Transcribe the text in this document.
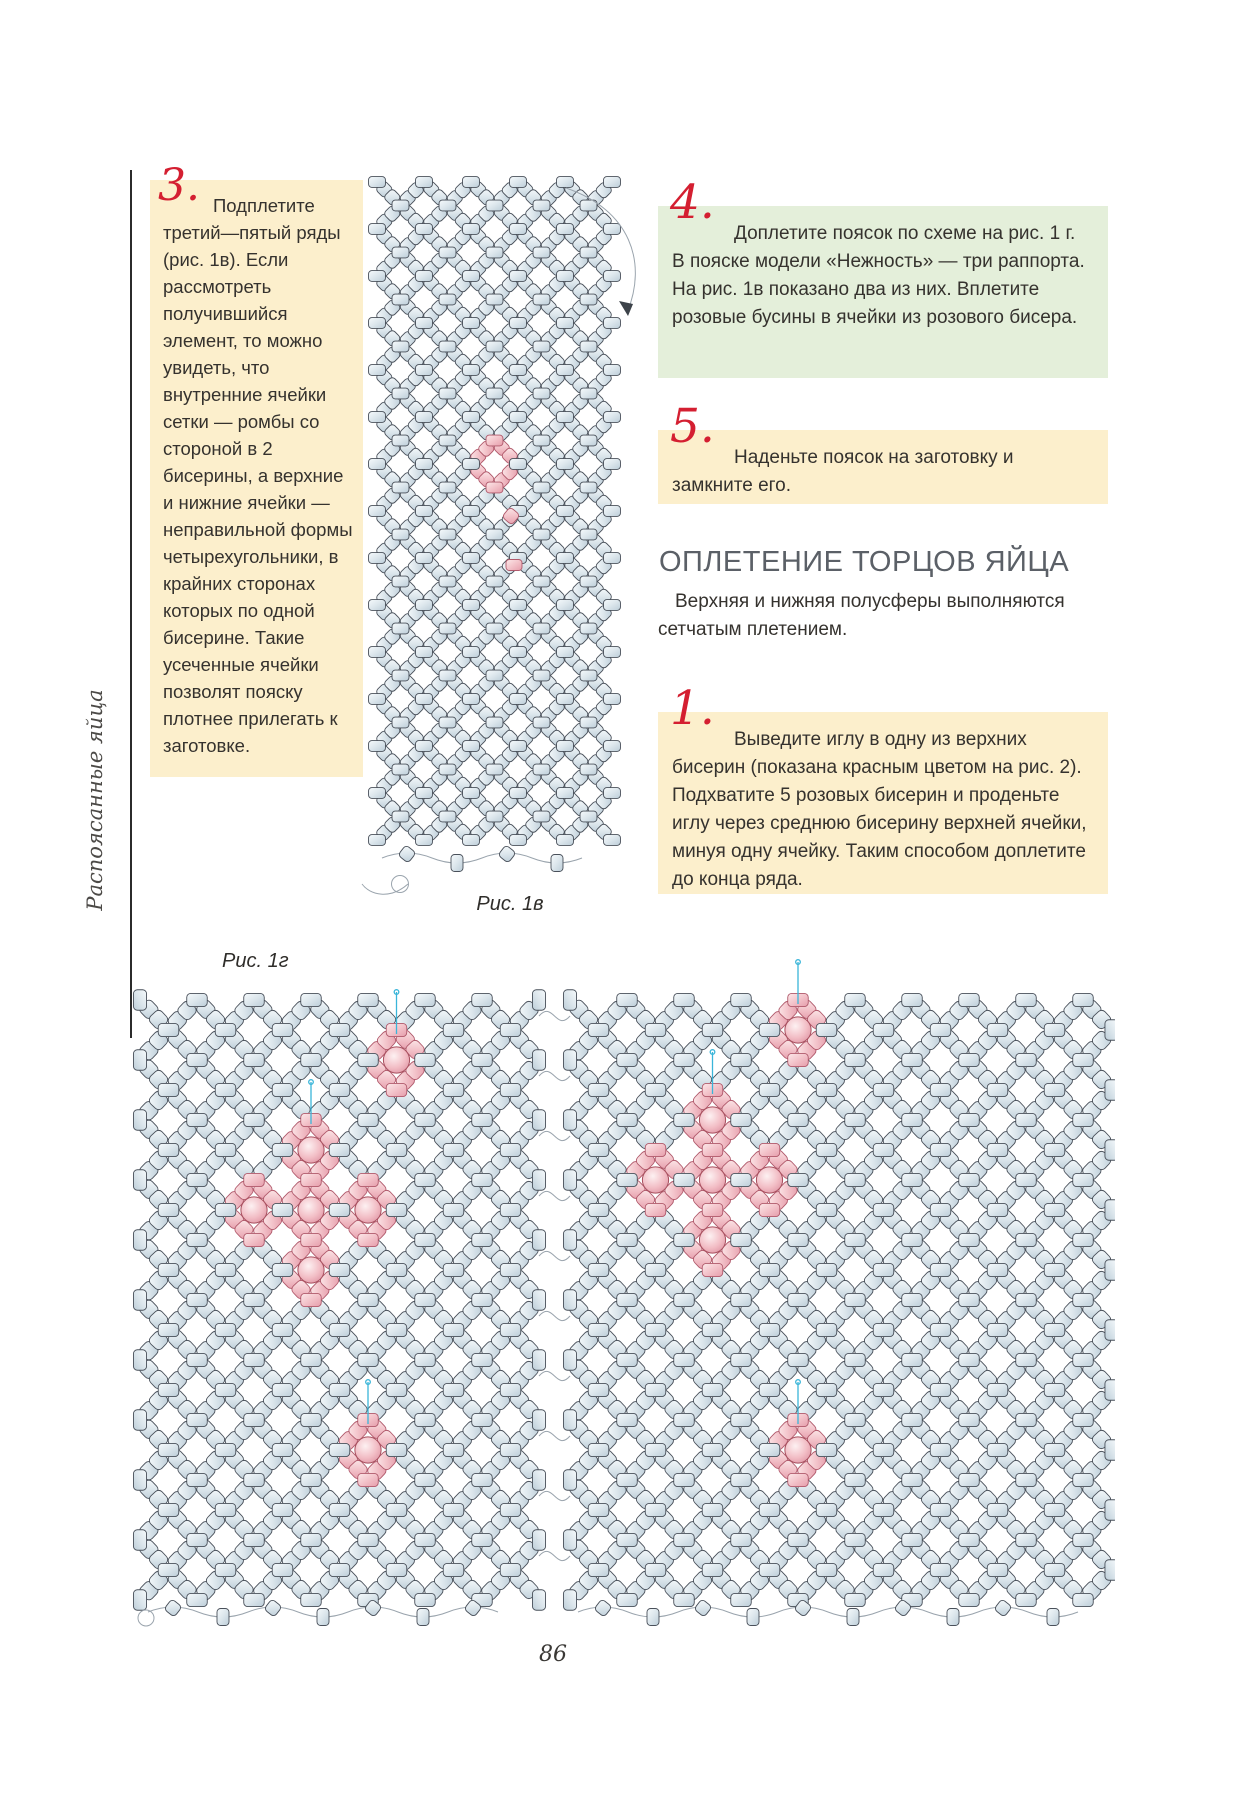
Распоясанные яйца
3. Подплетите третий—пятый ряды (рис. 1в). Если рассмотреть получившийся элемент, то можно увидеть, что внутренние ячейки сетки — ромбы со стороной в 2 бисерины, а верхние и нижние ячейки — неправильной формы четырехугольники, в крайних сторонах которых по одной бисерине. Такие усеченные ячейки позволят пояску плотнее прилегать к заготовке.

Рис. 1в
4.

Доплетите поясок по схеме на рис. 1 г. В пояске модели «Нежность» — три раппорта. На рис. 1в показано два из них. Вплетите розовые бусины в ячейки из розового бисера.

5.

Наденьте поясок на заготовку и замкните его.

ОПЛЕТЕНИЕ ТОРЦОВ ЯЙЦА

Верхняя и нижняя полусферы выполняются сетчатым плетением.

1.

Выведите иглу в одну из верхних бисерин (показана красным цветом на рис. 2). Подхватите 5 розовых бисерин и проденьте иглу через среднюю бисерину верхней ячейки, минуя одну ячейку. Таким способом доплетите до конца ряда.

Рис. 1г
86
